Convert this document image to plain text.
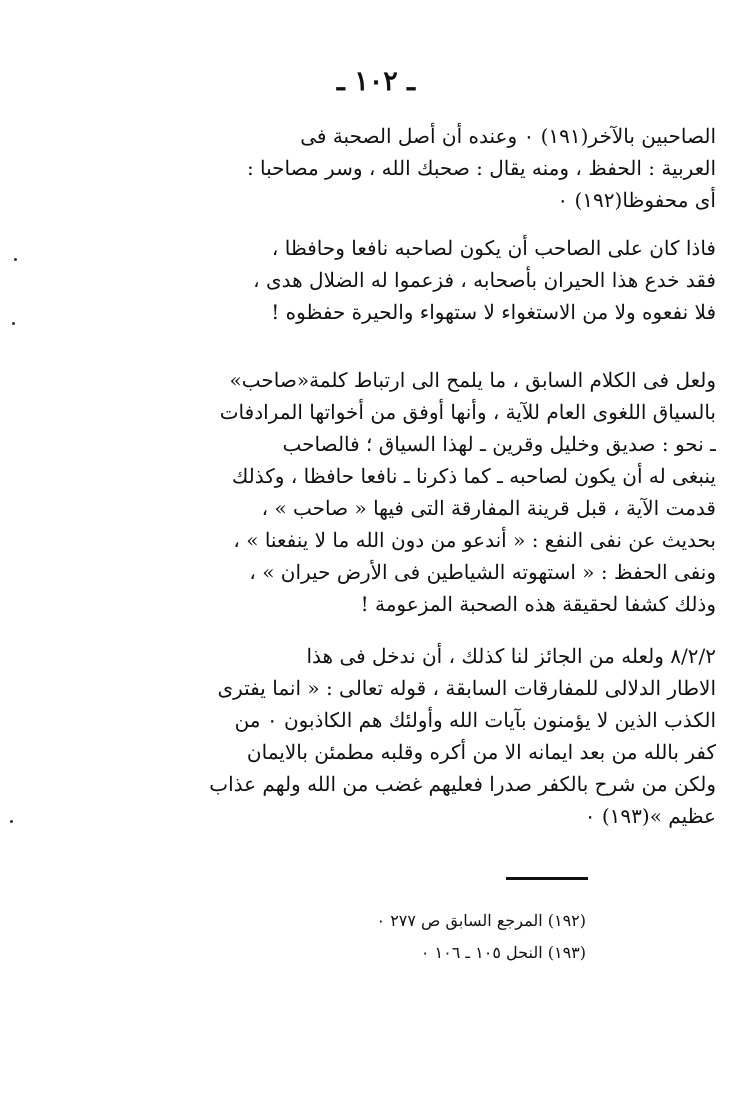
ـ ١٠٢ ـ
الصاحبين بالآخر(١٩١) ٠ وعنده أن أصل الصحبة فى
العربية : الحفظ ، ومنه يقال : صحبك الله ، وسر مصاحبا :
أى محفوظا(١٩٢) ٠
فاذا كان على الصاحب أن يكون لصاحبه نافعا وحافظا ،
فقد خدع هذا الحيران بأصحابه ، فزعموا له الضلال هدى ،
فلا نفعوه ولا من الاستغواء لا ستهواء والحيرة حفظوه !
ولعل فى الكلام السابق ، ما يلمح الى ارتباط كلمة«صاحب»
بالسياق اللغوى العام للآية ، وأنها أوفق من أخواتها المرادفات
ـ نحو : صديق وخليل وقرين ـ لهذا السياق ؛ فالصاحب
ينبغى له أن يكون لصاحبه ـ كما ذكرنا ـ نافعا حافظا ، وكذلك
قدمت الآية ، قبل قرينة المفارقة التى فيها « صاحب » ،
بحديث عن نفى النفع : « أندعو من دون الله ما لا ينفعنا » ،
ونفى الحفظ : « استهوته الشياطين فى الأرض حيران » ،
وذلك كشفا لحقيقة هذه الصحبة المزعومة !
٨/٢/٢ ولعله من الجائز لنا كذلك ، أن ندخل فى هذا
الاطار الدلالى للمفارقات السابقة ، قوله تعالى : « انما يفترى
الكذب الذين لا يؤمنون بآيات الله وأولئك هم الكاذبون ٠ من
كفر بالله من بعد ايمانه الا من أكره وقلبه مطمئن بالايمان
ولكن من شرح بالكفر صدرا فعليهم غضب من الله ولهم عذاب
عظيم »(١٩٣) ٠
(١٩٢) المرجع السابق ص ٢٧٧ ٠
(١٩٣) النحل ١٠٥ ـ ١٠٦ ٠
